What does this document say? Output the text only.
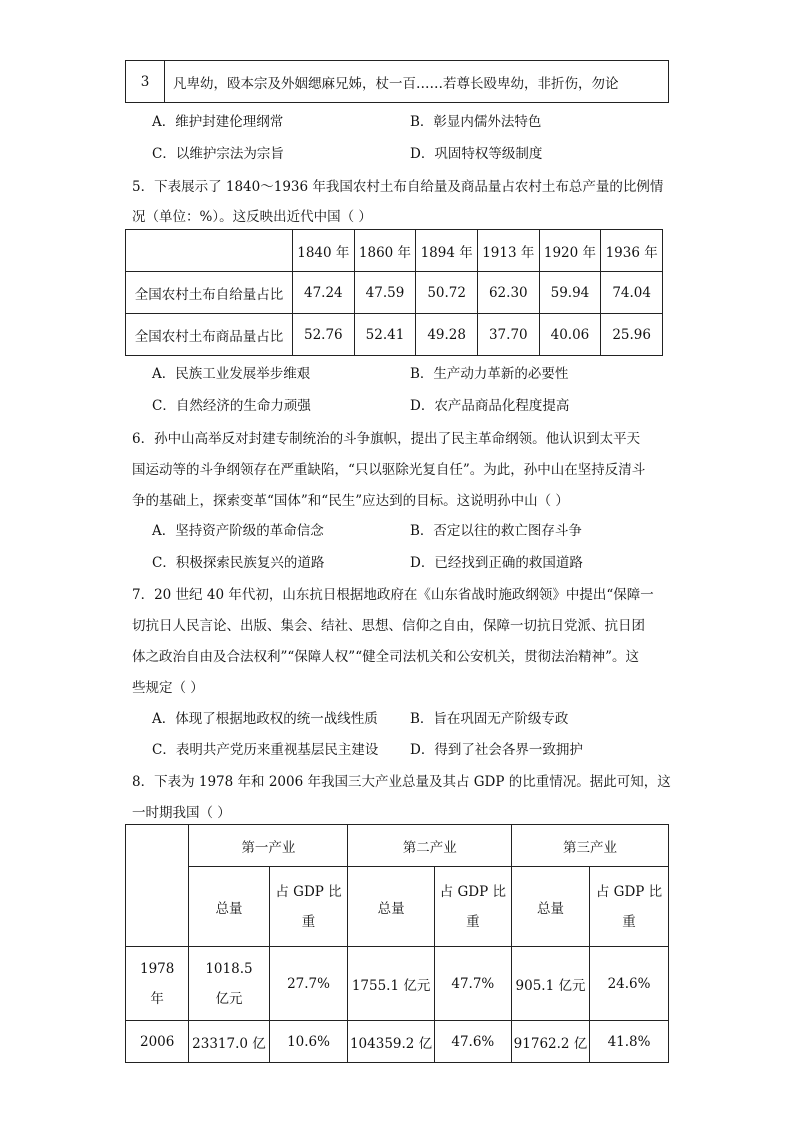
3	凡卑幼，殴本宗及外姻缌麻兄姊，杖一百……若尊长殴卑幼，非折伤，勿论
A．维护封建伦理纲常	B．彰显内儒外法特色
C．以维护宗法为宗旨	D．巩固特权等级制度
5．下表展示了 1840～1936 年我国农村土布自给量及商品量占农村土布总产量的比例情
况（单位：%）。这反映出近代中国（ ）
	1840 年	1860 年	1894 年	1913 年	1920 年	1936 年
全国农村土布自给量占比	47.24	47.59	50.72	62.30	59.94	74.04
全国农村土布商品量占比	52.76	52.41	49.28	37.70	40.06	25.96
A．民族工业发展举步维艰	B．生产动力革新的必要性
C．自然经济的生命力顽强	D．农产品商品化程度提高
6．孙中山高举反对封建专制统治的斗争旗帜，提出了民主革命纲领。他认识到太平天
国运动等的斗争纲领存在严重缺陷，“只以驱除光复自任”。为此，孙中山在坚持反清斗
争的基础上，探索变革“国体”和“民生”应达到的目标。这说明孙中山（ ）
A．坚持资产阶级的革命信念	B．否定以往的救亡图存斗争
C．积极探索民族复兴的道路	D．已经找到正确的救国道路
7．20 世纪 40 年代初，山东抗日根据地政府在《山东省战时施政纲领》中提出“保障一
切抗日人民言论、出版、集会、结社、思想、信仰之自由，保障一切抗日党派、抗日团
体之政治自由及合法权利”“保障人权”“健全司法机关和公安机关，贯彻法治精神”。这
些规定（ ）
A．体现了根据地政权的统一战线性质 B．旨在巩固无产阶级专政
C．表明共产党历来重视基层民主建设 D．得到了社会各界一致拥护
8．下表为 1978 年和 2006 年我国三大产业总量及其占 GDP 的比重情况。据此可知，这
一时期我国（ ）
	第一产业		第二产业		第三产业	
	总量	占 GDP 比重	总量	占 GDP 比重	总量	占 GDP 比重
1978 年	1018.5 亿元	27.7%	1755.1 亿元	47.7%	905.1 亿元	24.6%
2006	23317.0 亿	10.6%	104359.2 亿	47.6%	91762.2 亿	41.8%
